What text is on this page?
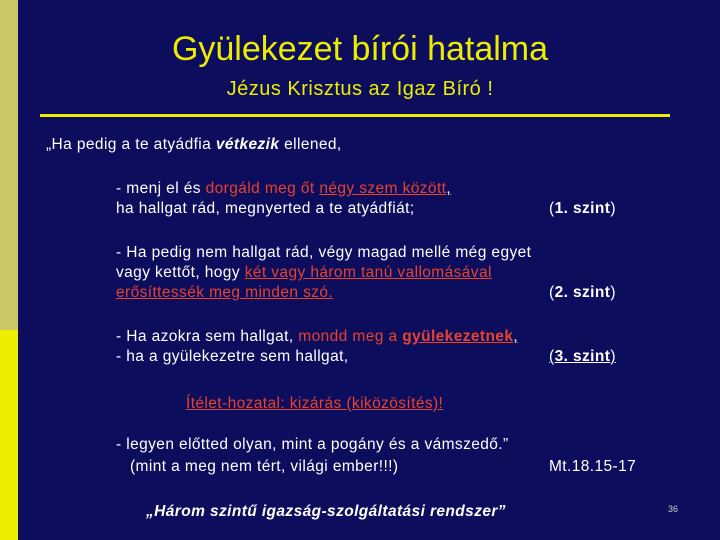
Gyülekezet bírói hatalma
Jézus Krisztus az Igaz Bíró !
„Ha pedig a te atyádfia vétkezik ellened,
- menj el és dorgáld meg őt négy szem között,
ha hallgat rád, megnyerted a te atyádfiát;	(1. szint)
- Ha pedig nem hallgat rád, végy magad mellé még egyet
vagy kettőt, hogy két vagy három tanú vallomásával
erősíttessék meg minden szó.	(2. szint)
- Ha azokra sem hallgat, mondd meg a gyülekezetnek,
- ha a gyülekezetre sem hallgat,	(3. szint)
Ítélet-hozatal: kizárás (kiközösítés)!
- legyen előtted olyan, mint a pogány és a vámszedő.”
(mint a meg nem tért, világi ember!!!)	Mt.18.15-17
„Három szintű igazság-szolgáltatási rendszer”	36
